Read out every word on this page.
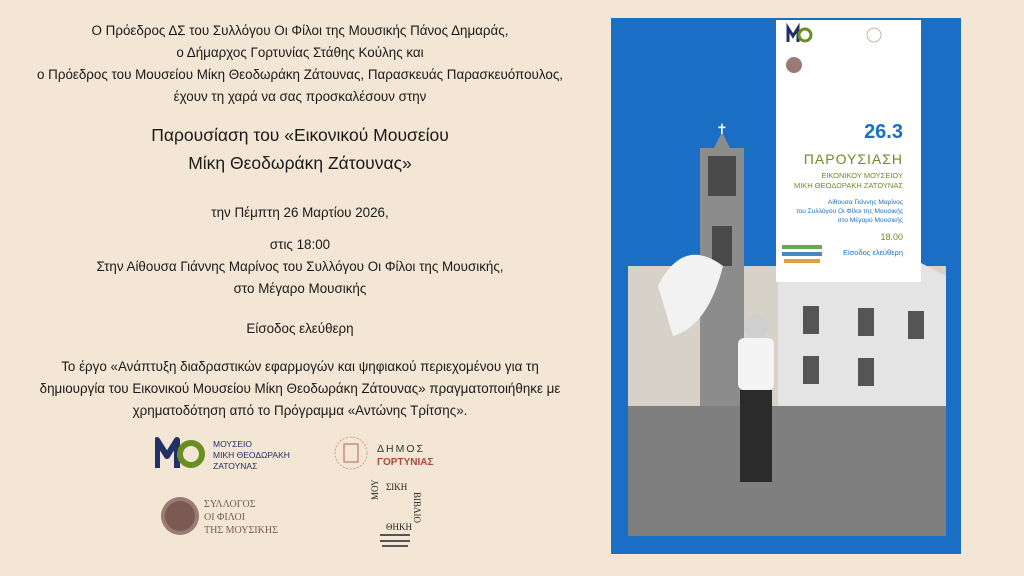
Ο Πρόεδρος ΔΣ του Συλλόγου Οι Φίλοι της Μουσικής Πάνος Δημαράς,
ο Δήμαρχος Γορτυνίας Στάθης Κούλης και
ο Πρόεδρος του Μουσείου Μίκη Θεοδωράκη Ζάτουνας, Παρασκευάς Παρασκευόπουλος,
έχουν τη χαρά να σας προσκαλέσουν στην
Παρουσίαση του «Εικονικού Μουσείου
Μίκη Θεοδωράκη Ζάτουνας»
την Πέμπτη 26 Μαρτίου 2026,
στις 18:00
Στην Αίθουσα Γιάννης Μαρίνος του Συλλόγου Οι Φίλοι της Μουσικής,
στο Μέγαρο Μουσικής
Είσοδος ελεύθερη
Το έργο «Ανάπτυξη διαδραστικών εφαρμογών και ψηφιακού περιεχομένου για τη
δημιουργία του Εικονικού Μουσείου Μίκη Θεοδωράκη Ζάτουνας» πραγματοποιήθηκε με
χρηματοδότηση από το Πρόγραμμα «Αντώνης Τρίτσης».
ΜΟΥΣΕΙΟ
ΜΙΚΗ ΘΕΟΔΩΡΑΚΗ
ΖΑΤΟΥΝΑΣ
ΔΗΜΟΣ
ΓΟΡΤΥΝΙΑΣ
ΣΥΛΛΟΓΟΣ
ΟΙ ΦΙΛΟΙ
ΤΗΣ ΜΟΥΣΙΚΗΣ
ΣΙΚΗ
ΜΟΥ
ΒΙΒΛΙΟ
ΘΗΚΗ
✝	26.3
ΠΑΡΟΥΣΙΑΣΗ
ΕΙΚΟΝΙΚΟΥ ΜΟΥΣΕΙΟΥ
ΜΙΚΗ ΘΕΟΔΩΡΑΚΗ ΖΑΤΟΥΝΑΣ
Αίθουσα Γιάννης Μαρίνος
του Συλλόγου Οι Φίλοι της Μουσικής
στο Μέγαρο Μουσικής
18.00
Είσοδος ελεύθερη
